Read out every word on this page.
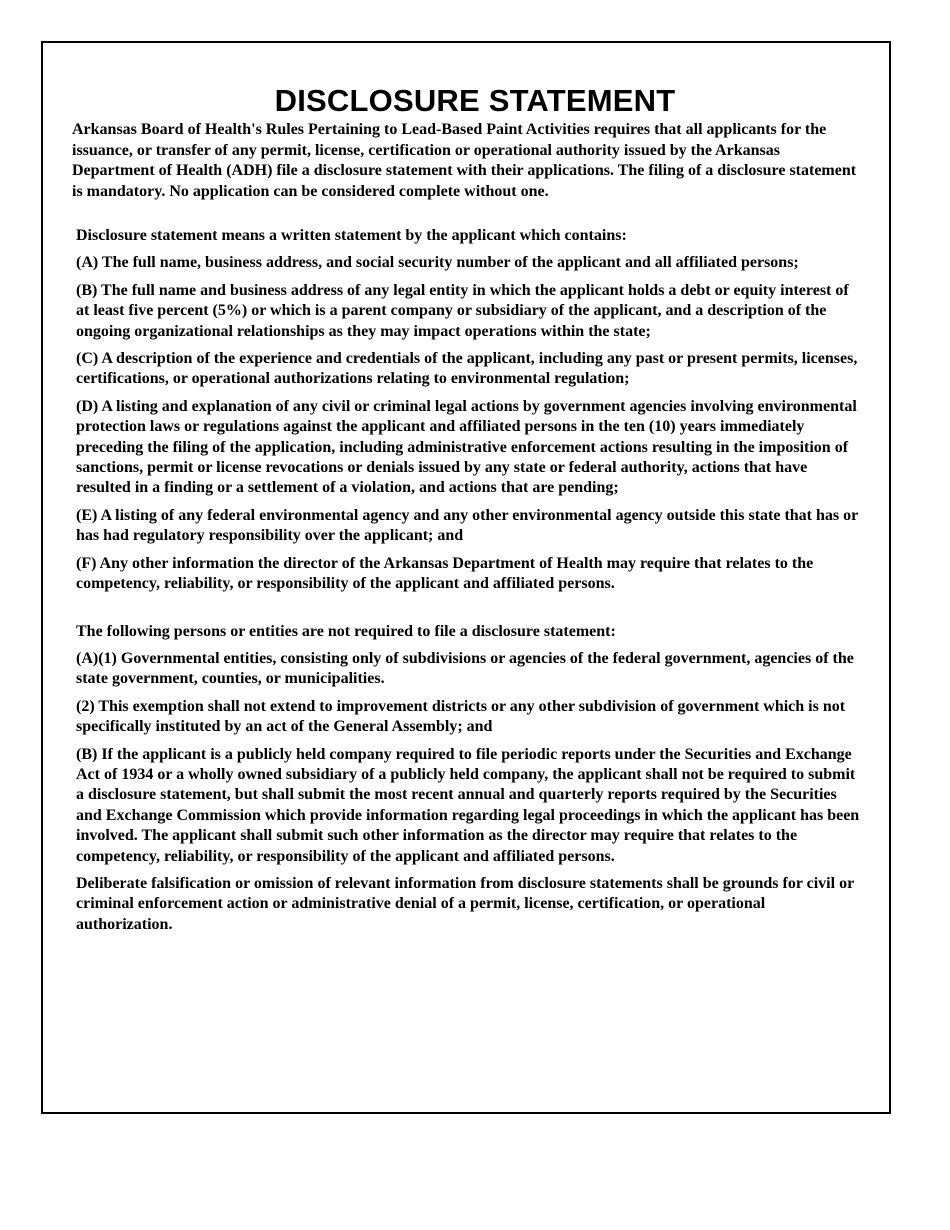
DISCLOSURE STATEMENT

Arkansas Board of Health's Rules Pertaining to Lead-Based Paint Activities requires that all applicants for the issuance, or transfer of any permit, license, certification or operational authority issued by the Arkansas Department of Health (ADH) file a disclosure statement with their applications. The filing of a disclosure statement is mandatory. No application can be considered complete without one.

Disclosure statement means a written statement by the applicant which contains:

(A) The full name, business address, and social security number of the applicant and all affiliated persons;

(B) The full name and business address of any legal entity in which the applicant holds a debt or equity interest of at least five percent (5%) or which is a parent company or subsidiary of the applicant, and a description of the ongoing organizational relationships as they may impact operations within the state;

(C) A description of the experience and credentials of the applicant, including any past or present permits, licenses, certifications, or operational authorizations relating to environmental regulation;

(D) A listing and explanation of any civil or criminal legal actions by government agencies involving environmental protection laws or regulations against the applicant and affiliated persons in the ten (10) years immediately preceding the filing of the application, including administrative enforcement actions resulting in the imposition of sanctions, permit or license revocations or denials issued by any state or federal authority, actions that have resulted in a finding or a settlement of a violation, and actions that are pending;

(E) A listing of any federal environmental agency and any other environmental agency outside this state that has or has had regulatory responsibility over the applicant; and

(F) Any other information the director of the Arkansas Department of Health may require that relates to the competency, reliability, or responsibility of the applicant and affiliated persons.

The following persons or entities are not required to file a disclosure statement:

(A)(1) Governmental entities, consisting only of subdivisions or agencies of the federal government, agencies of the state government, counties, or municipalities.

(2) This exemption shall not extend to improvement districts or any other subdivision of government which is not specifically instituted by an act of the General Assembly; and

(B) If the applicant is a publicly held company required to file periodic reports under the Securities and Exchange Act of 1934 or a wholly owned subsidiary of a publicly held company, the applicant shall not be required to submit a disclosure statement, but shall submit the most recent annual and quarterly reports required by the Securities and Exchange Commission which provide information regarding legal proceedings in which the applicant has been involved. The applicant shall submit such other information as the director may require that relates to the competency, reliability, or responsibility of the applicant and affiliated persons.

Deliberate falsification or omission of relevant information from disclosure statements shall be grounds for civil or criminal enforcement action or administrative denial of a permit, license, certification, or operational authorization.
